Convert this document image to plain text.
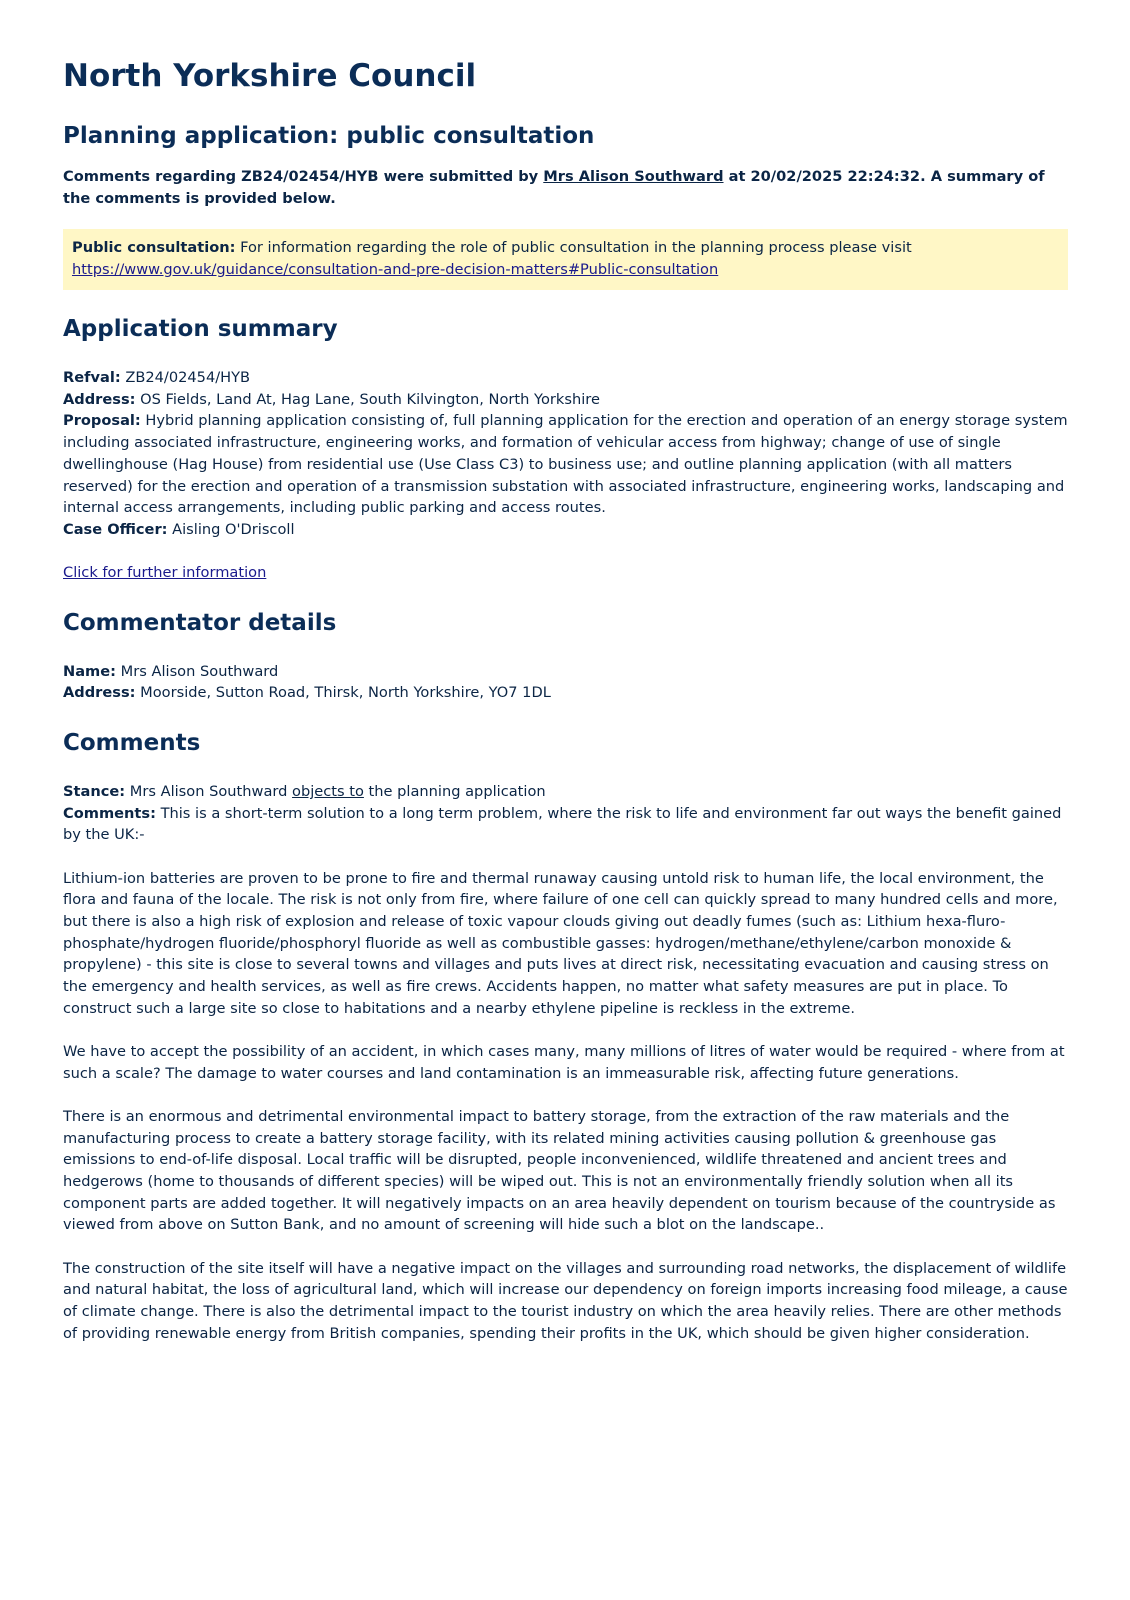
North Yorkshire Council
Planning application: public consultation

Comments regarding ZB24/02454/HYB were submitted by Mrs Alison Southward at 20/02/2025 22:24:32. A summary of the comments is provided below.

Public consultation: For information regarding the role of public consultation in the planning process please visit
https://www.gov.uk/guidance/consultation-and-pre-decision-matters#Public-consultation
Application summary
Refval: ZB24/02454/HYB
Address: OS Fields, Land At, Hag Lane, South Kilvington, North Yorkshire
Proposal: Hybrid planning application consisting of, full planning application for the erection and operation of an energy storage system including associated infrastructure, engineering works, and formation of vehicular access from highway; change of use of single dwellinghouse (Hag House) from residential use (Use Class C3) to business use; and outline planning application (with all matters reserved) for the erection and operation of a transmission substation with associated infrastructure, engineering works, landscaping and internal access arrangements, including public parking and access routes.
Case Officer: Aisling O'Driscoll
Click for further information
Commentator details
Name: Mrs Alison Southward
Address: Moorside, Sutton Road, Thirsk, North Yorkshire, YO7 1DL
Comments
Stance: Mrs Alison Southward objects to the planning application
Comments: This is a short-term solution to a long term problem, where the risk to life and environment far out ways the benefit gained by the UK:-

Lithium-ion batteries are proven to be prone to fire and thermal runaway causing untold risk to human life, the local environment, the flora and fauna of the locale. The risk is not only from fire, where failure of one cell can quickly spread to many hundred cells and more, but there is also a high risk of explosion and release of toxic vapour clouds giving out deadly fumes (such as: Lithium hexa-fluro-phosphate/hydrogen fluoride/phosphoryl fluoride as well as combustible gasses: hydrogen/methane/ethylene/carbon monoxide & propylene) - this site is close to several towns and villages and puts lives at direct risk, necessitating evacuation and causing stress on the emergency and health services, as well as fire crews. Accidents happen, no matter what safety measures are put in place. To construct such a large site so close to habitations and a nearby ethylene pipeline is reckless in the extreme.

We have to accept the possibility of an accident, in which cases many, many millions of litres of water would be required - where from at such a scale? The damage to water courses and land contamination is an immeasurable risk, affecting future generations.

There is an enormous and detrimental environmental impact to battery storage, from the extraction of the raw materials and the manufacturing process to create a battery storage facility, with its related mining activities causing pollution & greenhouse gas emissions to end-of-life disposal. Local traffic will be disrupted, people inconvenienced, wildlife threatened and ancient trees and hedgerows (home to thousands of different species) will be wiped out. This is not an environmentally friendly solution when all its component parts are added together. It will negatively impacts on an area heavily dependent on tourism because of the countryside as viewed from above on Sutton Bank, and no amount of screening will hide such a blot on the landscape..

The construction of the site itself will have a negative impact on the villages and surrounding road networks, the displacement of wildlife and natural habitat, the loss of agricultural land, which will increase our dependency on foreign imports increasing food mileage, a cause of climate change. There is also the detrimental impact to the tourist industry on which the area heavily relies. There are other methods of providing renewable energy from British companies, spending their profits in the UK, which should be given higher consideration.
